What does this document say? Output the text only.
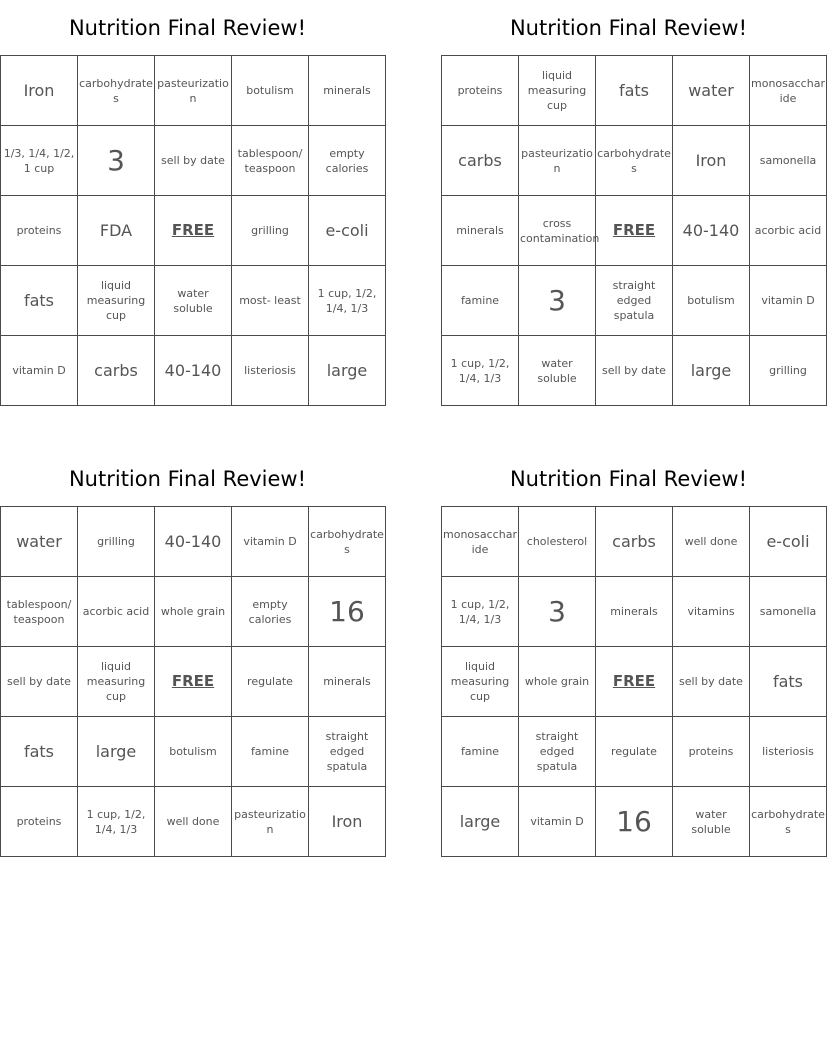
Nutrition Final Review!
Iron	carbohydrates	pasteurization	botulism	minerals
1/3, 1/4, 1/2, 1 cup	3	sell by date	tablespoon/ teaspoon	empty calories
proteins	FDA	FREE	grilling	e-coli
fats	liquid measuring cup	water soluble	most- least	1 cup, 1/2, 1/4, 1/3
vitamin D	carbs	40-140	listeriosis	large
Nutrition Final Review!
proteins	liquid measuring cup	fats	water	monosaccharide
carbs	pasteurization	carbohydrates	Iron	samonella
minerals	cross contamination	FREE	40-140	acorbic acid
famine	3	straight edged spatula	botulism	vitamin D
1 cup, 1/2, 1/4, 1/3	water soluble	sell by date	large	grilling
Nutrition Final Review!
water	grilling	40-140	vitamin D	carbohydrates
tablespoon/ teaspoon	acorbic acid	whole grain	empty calories	16
sell by date	liquid measuring cup	FREE	regulate	minerals
fats	large	botulism	famine	straight edged spatula
proteins	1 cup, 1/2, 1/4, 1/3	well done	pasteurization	Iron
Nutrition Final Review!
monosaccharide	cholesterol	carbs	well done	e-coli
1 cup, 1/2, 1/4, 1/3	3	minerals	vitamins	samonella
liquid measuring cup	whole grain	FREE	sell by date	fats
famine	straight edged spatula	regulate	proteins	listeriosis
large	vitamin D	16	water soluble	carbohydrates
